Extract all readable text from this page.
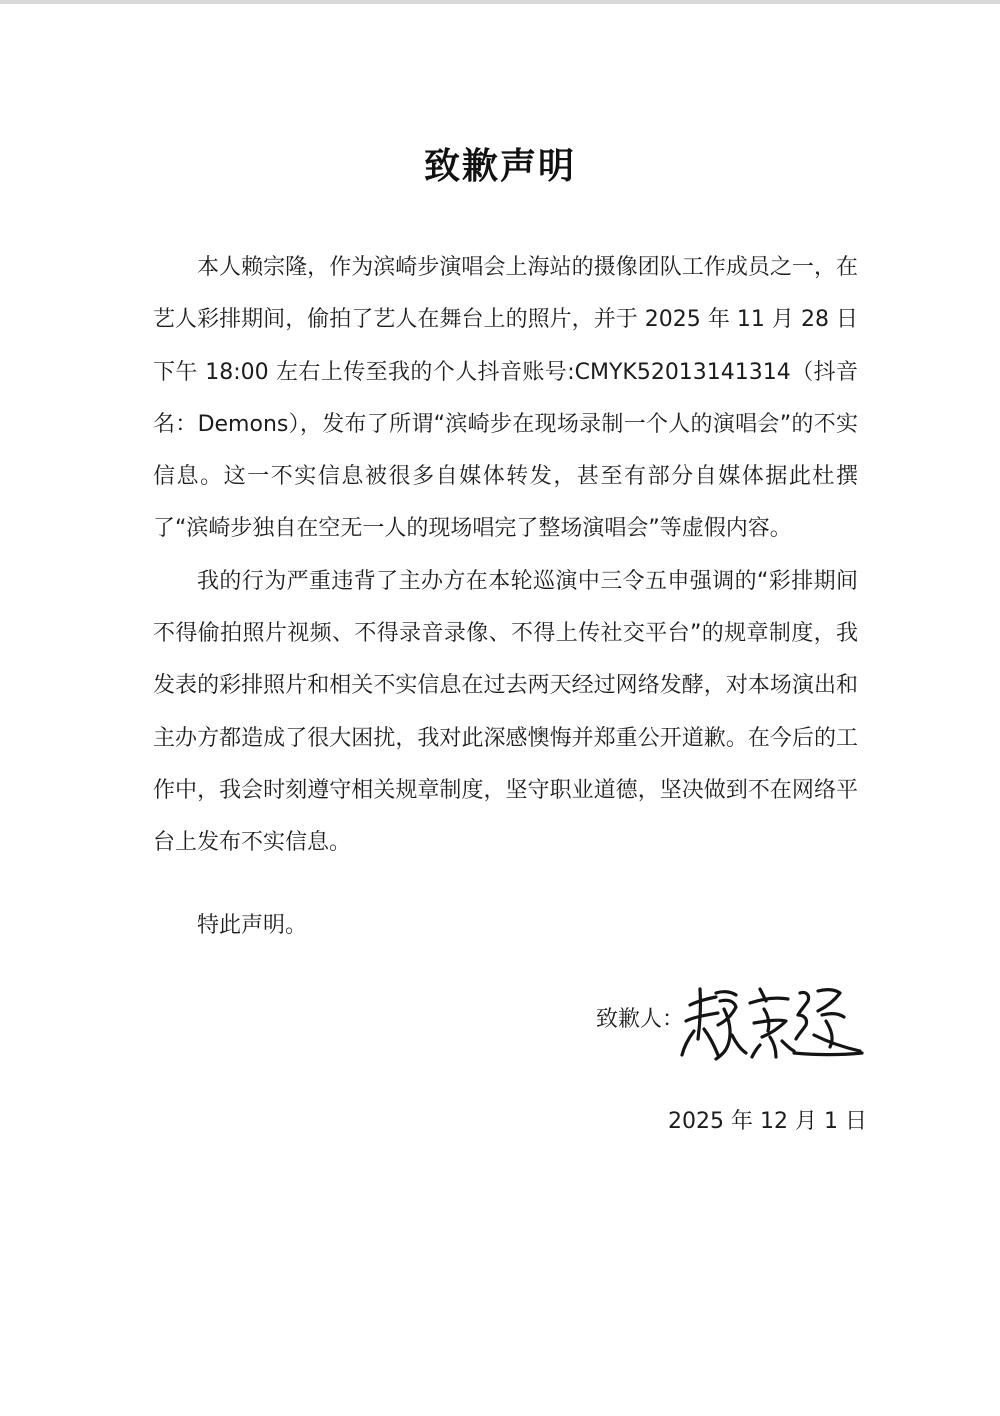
致歉声明

本人赖宗隆，作为滨崎步演唱会上海站的摄像团队工作成员之一，在艺人彩排期间，偷拍了艺人在舞台上的照片，并于 2025 年 11 月 28 日下午 18:00 左右上传至我的个人抖音账号:CMYK52013141314（抖音名：Demons），发布了所谓“滨崎步在现场录制一个人的演唱会”的不实信息。这一不实信息被很多自媒体转发，甚至有部分自媒体据此杜撰了“滨崎步独自在空无一人的现场唱完了整场演唱会”等虚假内容。

我的行为严重违背了主办方在本轮巡演中三令五申强调的“彩排期间不得偷拍照片视频、不得录音录像、不得上传社交平台”的规章制度，我发表的彩排照片和相关不实信息在过去两天经过网络发酵，对本场演出和主办方都造成了很大困扰，我对此深感懊悔并郑重公开道歉。在今后的工作中，我会时刻遵守相关规章制度，坚守职业道德，坚决做到不在网络平台上发布不实信息。

特此声明。
致歉人：
2025 年 12 月 1 日
